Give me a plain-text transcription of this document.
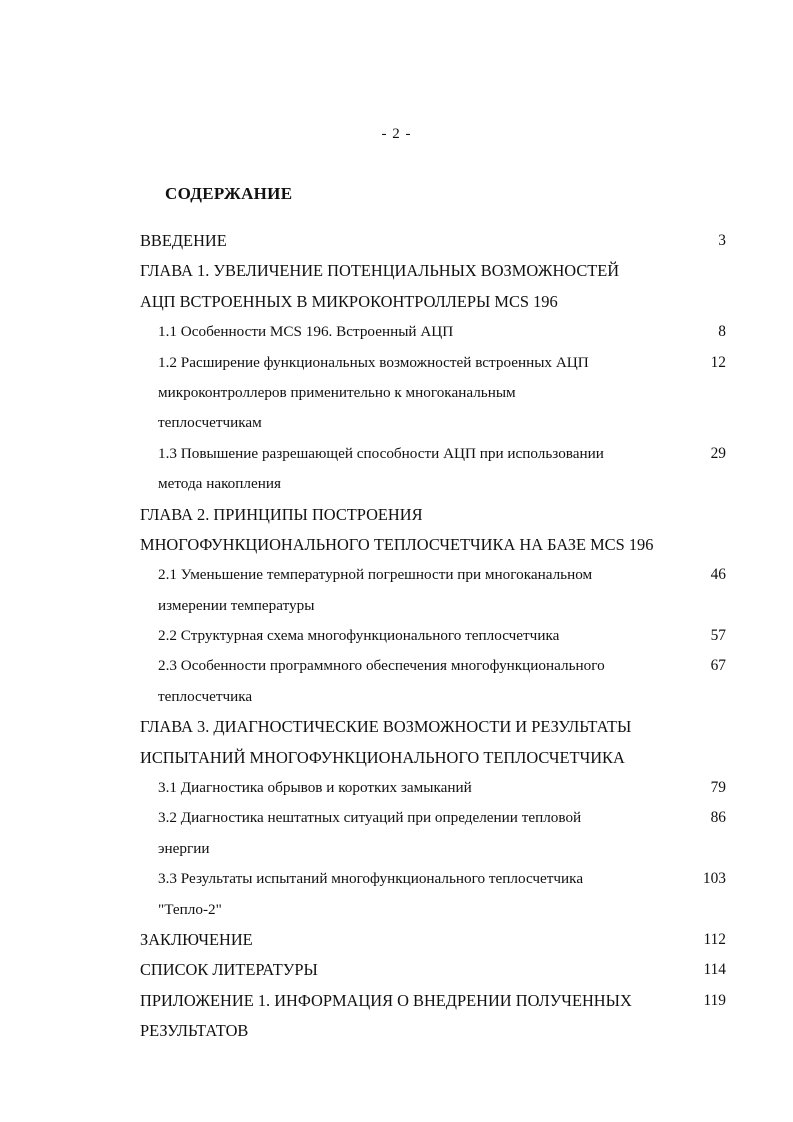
- 2 -
СОДЕРЖАНИЕ
ВВЕДЕНИЕ	3
ГЛАВА 1. УВЕЛИЧЕНИЕ ПОТЕНЦИАЛЬНЫХ ВОЗМОЖНОСТЕЙ
АЦП ВСТРОЕННЫХ В МИКРОКОНТРОЛЛЕРЫ MCS 196
1.1 Особенности MCS 196. Встроенный АЦП	8
1.2 Расширение функциональных возможностей встроенных АЦП	12
микроконтроллеров применительно к многоканальным
теплосчетчикам
1.3 Повышение разрешающей способности АЦП при использовании	29
метода накопления
ГЛАВА 2. ПРИНЦИПЫ ПОСТРОЕНИЯ
МНОГОФУНКЦИОНАЛЬНОГО ТЕПЛОСЧЕТЧИКА НА БАЗЕ MCS 196
2.1 Уменьшение температурной погрешности при многоканальном	46
измерении температуры
2.2 Структурная схема многофункционального теплосчетчика	57
2.3 Особенности программного обеспечения многофункционального	67
теплосчетчика
ГЛАВА 3. ДИАГНОСТИЧЕСКИЕ ВОЗМОЖНОСТИ И РЕЗУЛЬТАТЫ
ИСПЫТАНИЙ МНОГОФУНКЦИОНАЛЬНОГО ТЕПЛОСЧЕТЧИКА
3.1 Диагностика обрывов и коротких замыканий	79
3.2 Диагностика нештатных ситуаций при определении тепловой	86
энергии
3.3 Результаты испытаний многофункционального теплосчетчика	103
"Тепло-2"
ЗАКЛЮЧЕНИЕ	112
СПИСОК ЛИТЕРАТУРЫ	114
ПРИЛОЖЕНИЕ 1. ИНФОРМАЦИЯ О ВНЕДРЕНИИ ПОЛУЧЕННЫХ	119
РЕЗУЛЬТАТОВ
